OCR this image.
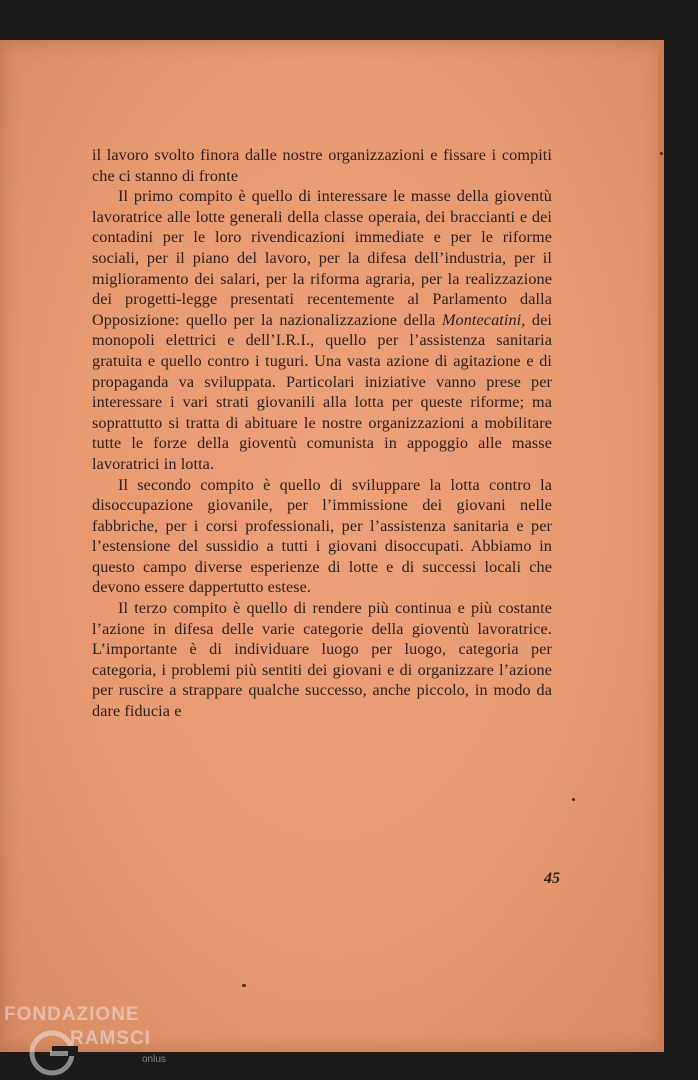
il lavoro svolto finora dalle nostre organizzazioni e fissare i compiti che ci stanno di fronte

Il primo compito è quello di interessare le masse della gioventù lavoratrice alle lotte generali della classe operaia, dei braccianti e dei contadini per le loro rivendicazioni immediate e per le riforme sociali, per il piano del lavoro, per la difesa dell’industria, per il miglioramento dei salari, per la riforma agraria, per la realizzazione dei progetti-legge presentati recentemente al Parlamento dalla Opposizione: quello per la nazionalizzazione della Montecatini, dei monopoli elettrici e dell’I.R.I., quello per l’assistenza sanitaria gratuita e quello contro i tuguri. Una vasta azione di agitazione e di propaganda va sviluppata. Particolari iniziative vanno prese per interessare i vari strati giovanili alla lotta per queste riforme; ma soprattutto si tratta di abituare le nostre organizzazioni a mobilitare tutte le forze della gioventù comunista in appoggio alle masse lavoratrici in lotta.

Il secondo compito è quello di sviluppare la lotta contro la disoccupazione giovanile, per l’immissione dei giovani nelle fabbriche, per i corsi professionali, per l’assistenza sanitaria e per l’estensione del sussidio a tutti i giovani disoccupati. Abbiamo in questo campo diverse esperienze di lotte e di successi locali che devono essere dappertutto estese.

Il terzo compito è quello di rendere più continua e più costante l’azione in difesa delle varie categorie della gioventù lavoratrice. L’importante è di individuare luogo per luogo, categoria per categoria, i problemi più sentiti dei giovani e di organizzare l’azione per ruscire a strappare qualche successo, anche piccolo, in modo da dare fiducia e

45
FONDAZIONE
RAMSCI
onlus
